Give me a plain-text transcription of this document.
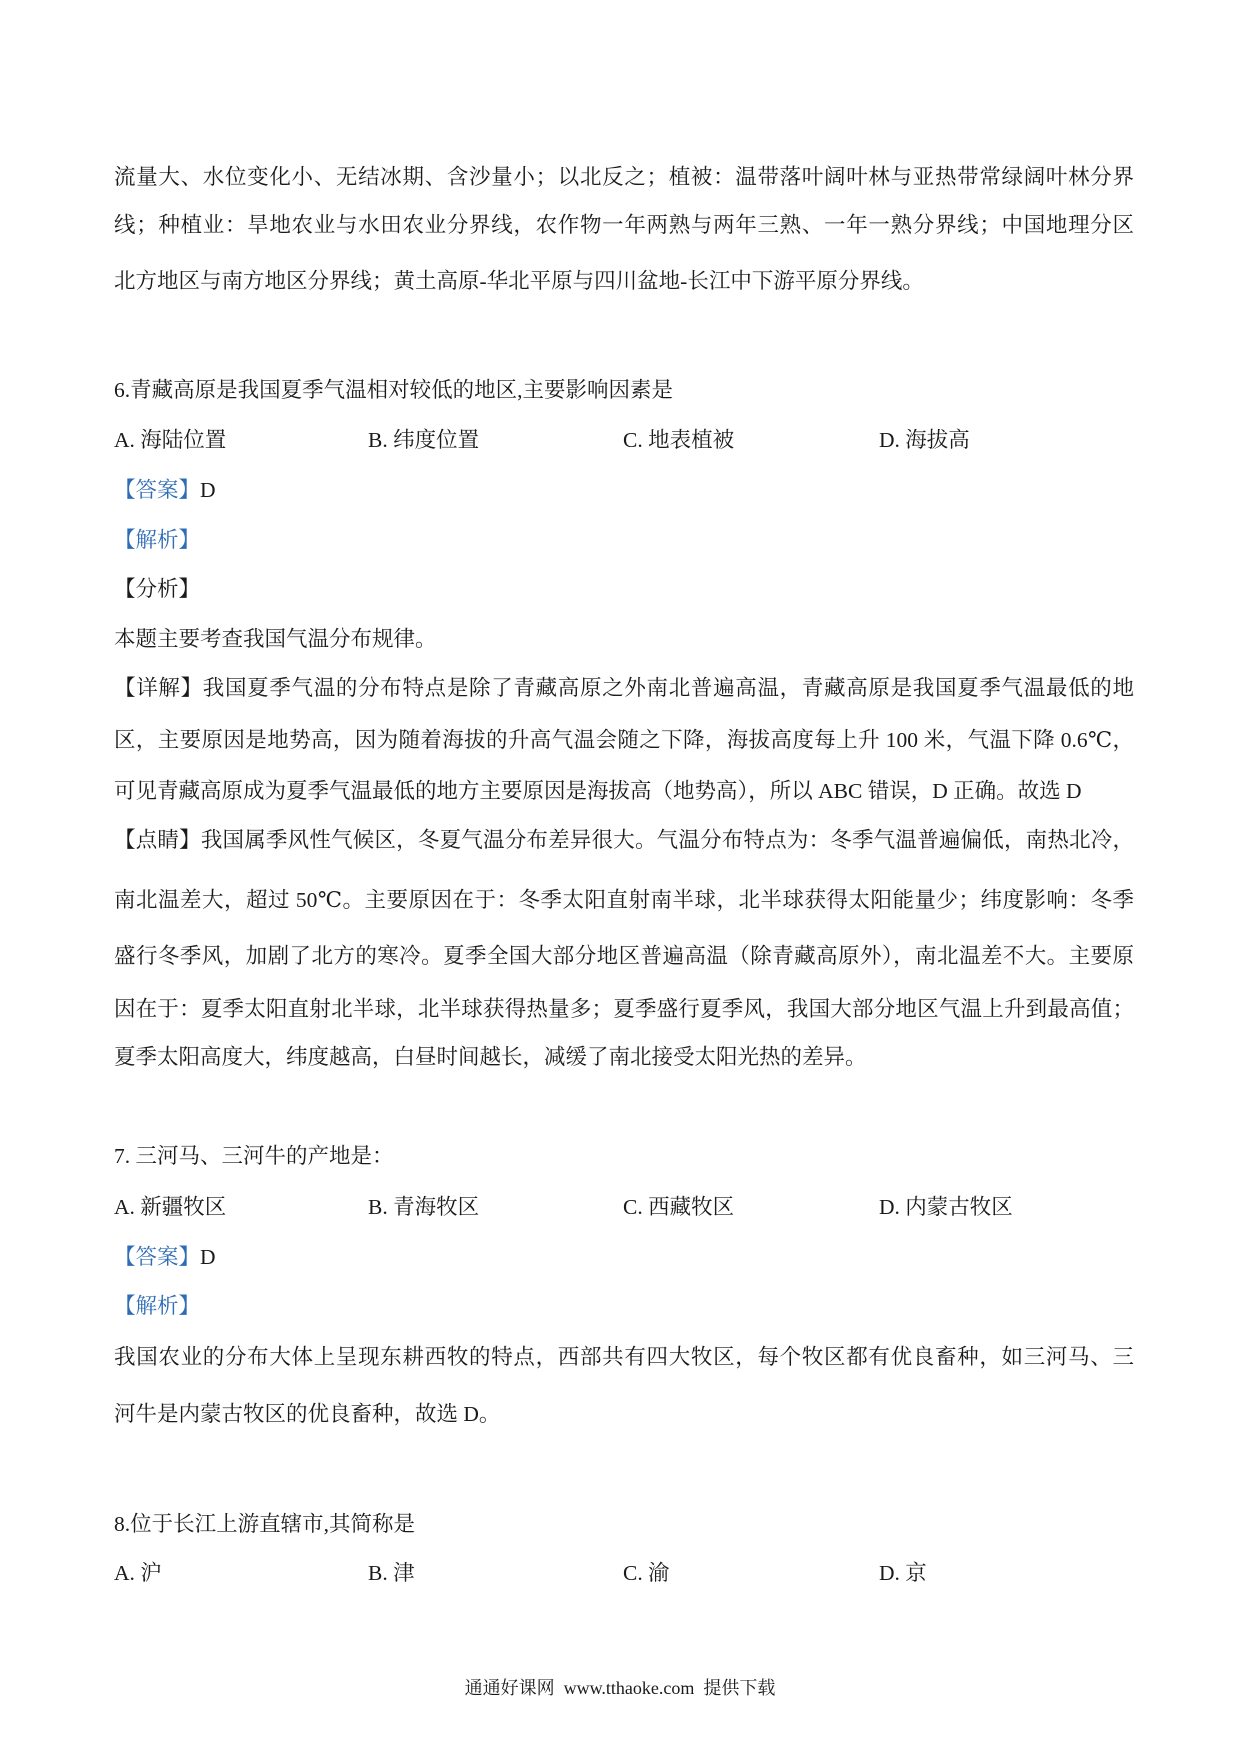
流量大、水位变化小、无结冰期、含沙量小；以北反之；植被：温带落叶阔叶林与亚热带常绿阔叶林分界
线；种植业：旱地农业与水田农业分界线，农作物一年两熟与两年三熟、一年一熟分界线；中国地理分区
北方地区与南方地区分界线；黄土高原-华北平原与四川盆地-长江中下游平原分界线。
6.青藏高原是我国夏季气温相对较低的地区,主要影响因素是
A. 海陆位置	B. 纬度位置	C. 地表植被	D. 海拔高
【答案】D
【解析】
【分析】
本题主要考查我国气温分布规律。
【详解】我国夏季气温的分布特点是除了青藏高原之外南北普遍高温，青藏高原是我国夏季气温最低的地
区，主要原因是地势高，因为随着海拔的升高气温会随之下降，海拔高度每上升 100 米，气温下降 0.6℃，
可见青藏高原成为夏季气温最低的地方主要原因是海拔高（地势高），所以 ABC 错误，D 正确。故选 D
【点睛】我国属季风性气候区，冬夏气温分布差异很大。气温分布特点为：冬季气温普遍偏低，南热北冷，
南北温差大，超过 50℃。主要原因在于：冬季太阳直射南半球，北半球获得太阳能量少；纬度影响：冬季
盛行冬季风，加剧了北方的寒冷。夏季全国大部分地区普遍高温（除青藏高原外），南北温差不大。主要原
因在于：夏季太阳直射北半球，北半球获得热量多；夏季盛行夏季风，我国大部分地区气温上升到最高值；
夏季太阳高度大，纬度越高，白昼时间越长，减缓了南北接受太阳光热的差异。
7. 三河马、三河牛的产地是：
A. 新疆牧区	B. 青海牧区	C. 西藏牧区	D. 内蒙古牧区
【答案】D
【解析】
我国农业的分布大体上呈现东耕西牧的特点，西部共有四大牧区，每个牧区都有优良畜种，如三河马、三
河牛是内蒙古牧区的优良畜种，故选 D。
8.位于长江上游直辖市,其简称是
A. 沪	B. 津	C. 渝	D. 京
通通好课网  www.tthaoke.com  提供下载
